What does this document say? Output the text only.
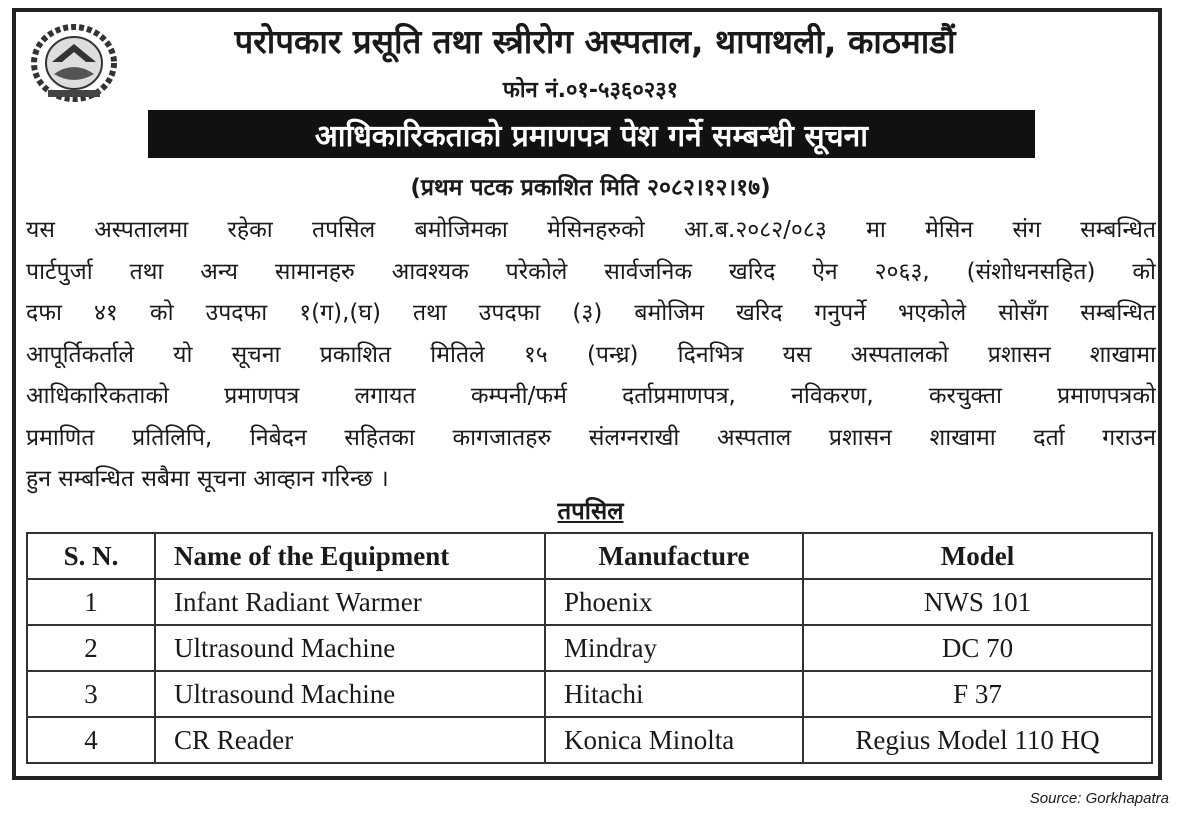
परोपकार प्रसूति तथा स्त्रीरोग अस्पताल, थापाथली, काठमाडौं
फोन नं.०१-५३६०२३१
आधिकारिकताको प्रमाणपत्र पेश गर्ने सम्बन्धी सूचना
(प्रथम पटक प्रकाशित मिति २०८२।१२।१७)
यस अस्पतालमा रहेका तपसिल बमोजिमका मेसिनहरुको आ.ब.२०८२/०८३ मा मेसिन संग सम्बन्धित
पार्टपुर्जा तथा अन्य सामानहरु आवश्यक परेकोले सार्वजनिक खरिद ऐन २०६३, (संशोधनसहित) को
दफा ४१ को उपदफा १(ग),(घ) तथा उपदफा (३) बमोजिम खरिद गनुपर्ने भएकोले सोसँग सम्बन्धित
आपूर्तिकर्ताले यो सूचना प्रकाशित मितिले १५ (पन्ध्र) दिनभित्र यस अस्पतालको प्रशासन शाखामा
आधिकारिकताको प्रमाणपत्र लगायत कम्पनी/फर्म दर्ताप्रमाणपत्र, नविकरण, करचुक्ता प्रमाणपत्रको
प्रमाणित प्रतिलिपि, निबेदन सहितका कागजातहरु संलग्नराखी अस्पताल प्रशासन शाखामा दर्ता गराउन
हुन सम्बन्धित सबैमा सूचना आव्हान गरिन्छ ।
तपसिल
S. N.	Name of the Equipment	Manufacture	Model
1	Infant Radiant Warmer	Phoenix	NWS 101
2	Ultrasound Machine	Mindray	DC 70
3	Ultrasound Machine	Hitachi	F 37
4	CR Reader	Konica Minolta	Regius Model 110 HQ
Source: Gorkhapatra
